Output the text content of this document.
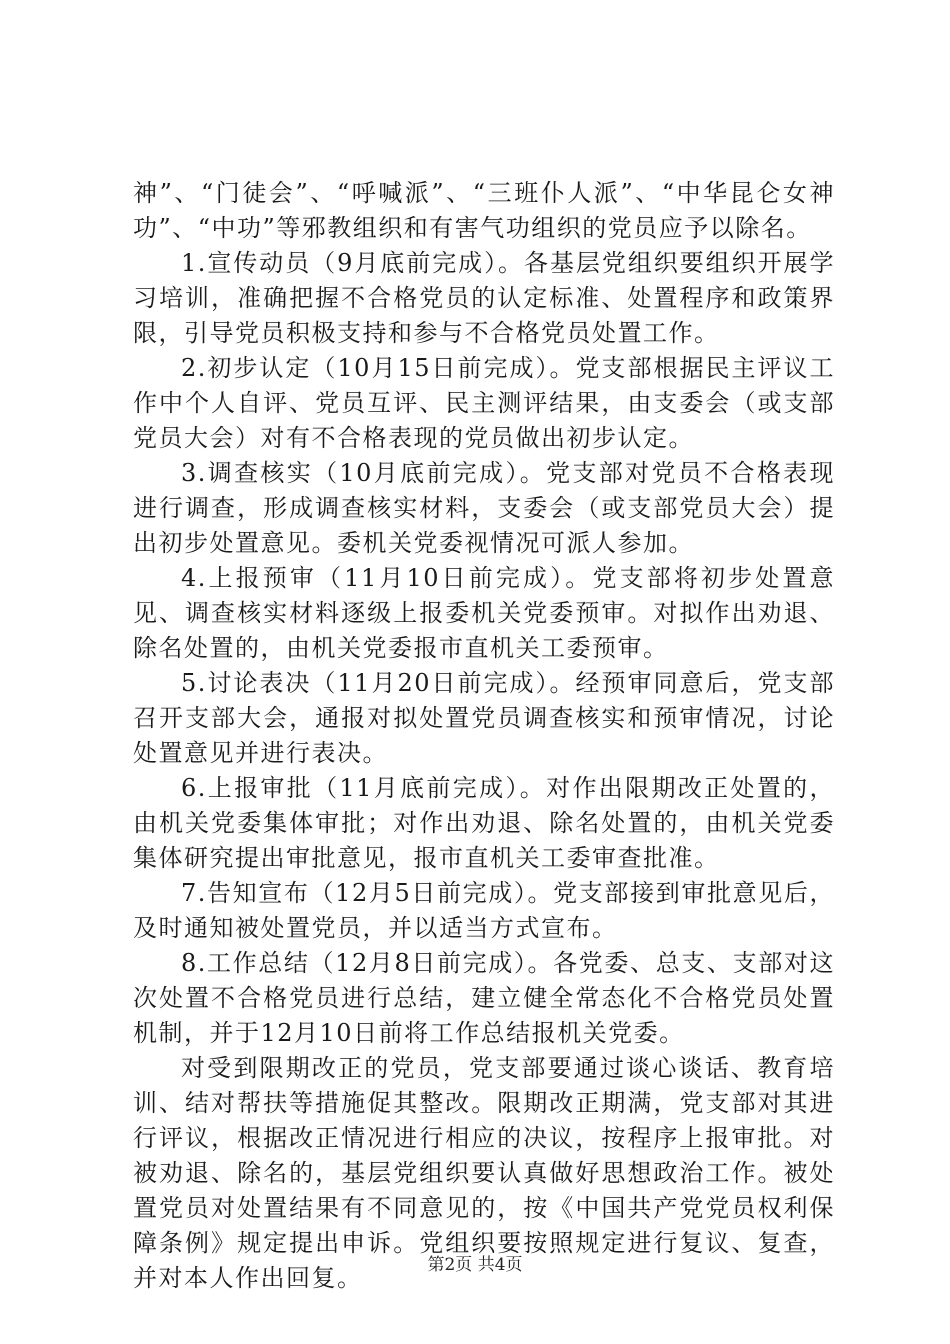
神”、“门徒会”、“呼喊派”、“三班仆人派”、“中华昆仑女神功”、“中功”等邪教组织和有害气功组织的党员应予以除名。

1.宣传动员（9月底前完成）。各基层党组织要组织开展学习培训，准确把握不合格党员的认定标准、处置程序和政策界限，引导党员积极支持和参与不合格党员处置工作。

2.初步认定（10月15日前完成）。党支部根据民主评议工作中个人自评、党员互评、民主测评结果，由支委会（或支部党员大会）对有不合格表现的党员做出初步认定。

3.调查核实（10月底前完成）。党支部对党员不合格表现进行调查，形成调查核实材料，支委会（或支部党员大会）提出初步处置意见。委机关党委视情况可派人参加。

4.上报预审（11月10日前完成）。党支部将初步处置意见、调查核实材料逐级上报委机关党委预审。对拟作出劝退、除名处置的，由机关党委报市直机关工委预审。

5.讨论表决（11月20日前完成）。经预审同意后，党支部召开支部大会，通报对拟处置党员调查核实和预审情况，讨论处置意见并进行表决。

6.上报审批（11月底前完成）。对作出限期改正处置的，由机关党委集体审批；对作出劝退、除名处置的，由机关党委集体研究提出审批意见，报市直机关工委审查批准。

7.告知宣布（12月5日前完成）。党支部接到审批意见后，及时通知被处置党员，并以适当方式宣布。

8.工作总结（12月8日前完成）。各党委、总支、支部对这次处置不合格党员进行总结，建立健全常态化不合格党员处置机制，并于12月10日前将工作总结报机关党委。

对受到限期改正的党员，党支部要通过谈心谈话、教育培训、结对帮扶等措施促其整改。限期改正期满，党支部对其进行评议，根据改正情况进行相应的决议，按程序上报审批。对被劝退、除名的，基层党组织要认真做好思想政治工作。被处置党员对处置结果有不同意见的，按《中国共产党党员权利保障条例》规定提出申诉。党组织要按照规定进行复议、复查，并对本人作出回复。	第2页 共4页
